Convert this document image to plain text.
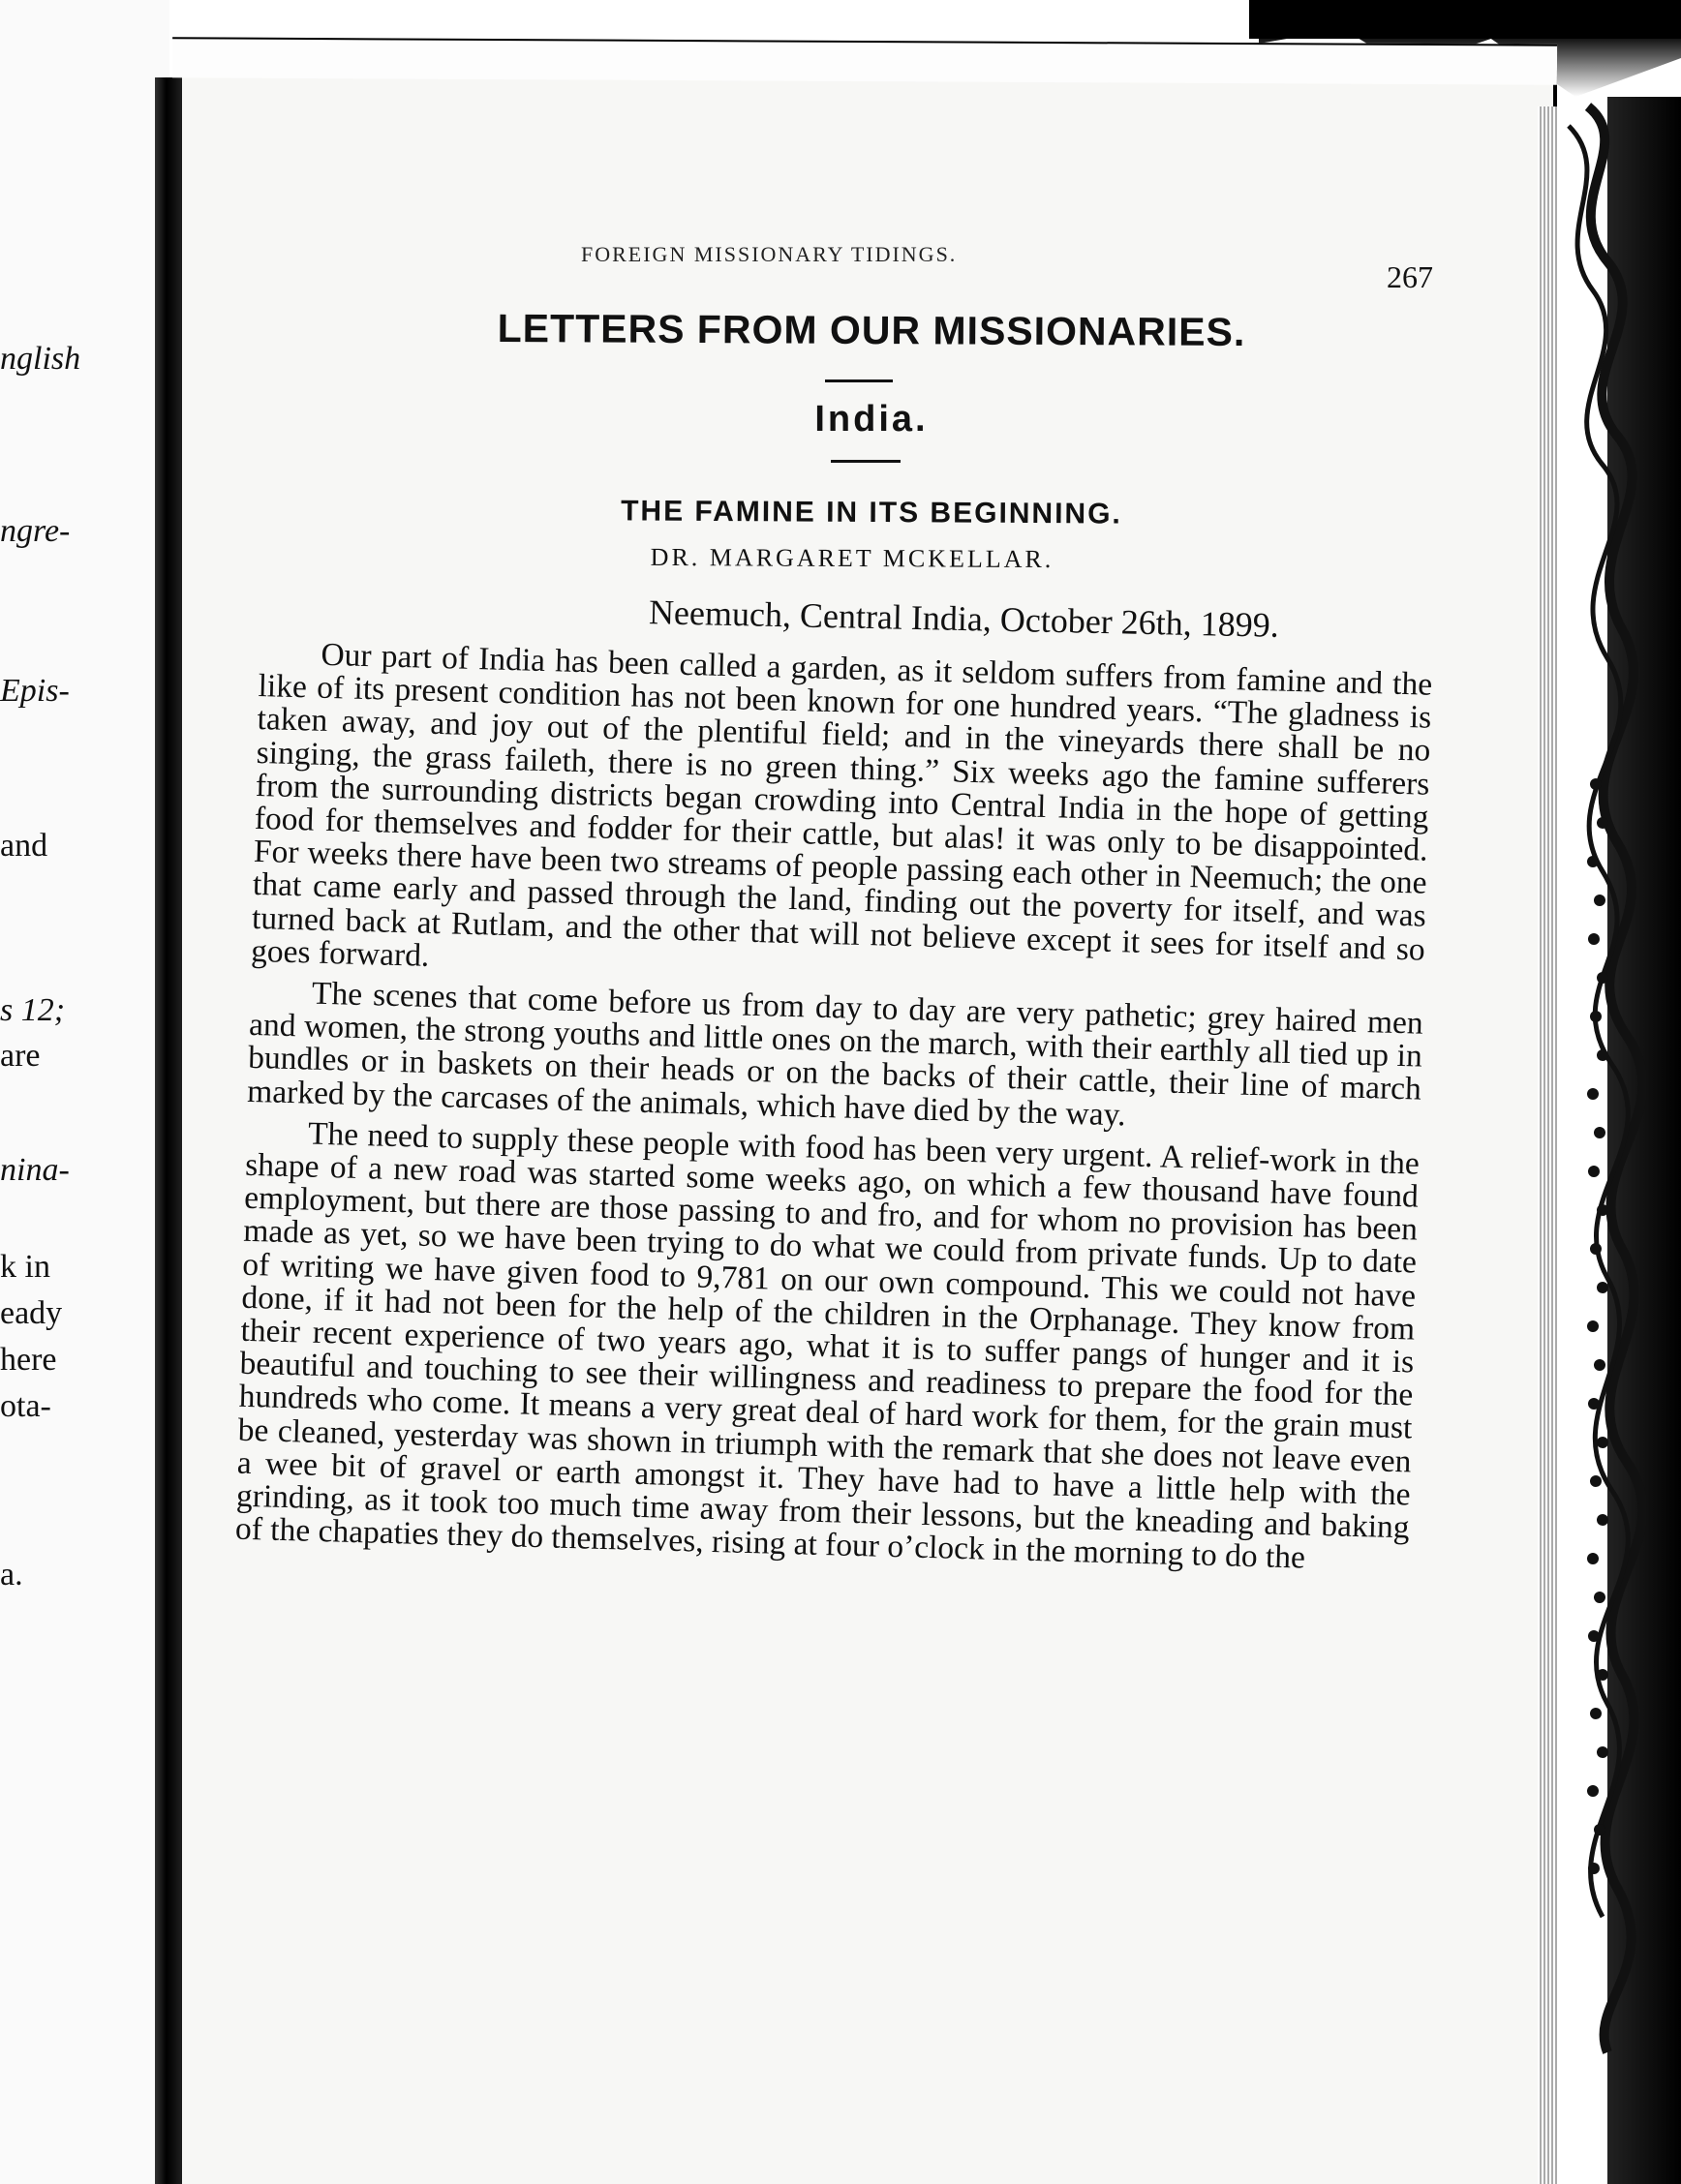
nglish
ngre-
Epis-
and
s 12;
are
nina-
k in
eady
here
ota-
a.
FOREIGN MISSIONARY TIDINGS.
267
LETTERS FROM OUR MISSIONARIES.
India.
THE FAMINE IN ITS BEGINNING.
DR. MARGARET MCKELLAR.
Neemuch, Central India, October 26th, 1899.

Our part of India has been called a garden, as it seldom suffers from famine and the like of its present condition has not been known for one hundred years. “The gladness is taken away, and joy out of the plentiful field; and in the vineyards there shall be no singing, the grass faileth, there is no green thing.” Six weeks ago the famine sufferers from the surrounding districts began crowding into Central India in the hope of getting food for themselves and fodder for their cattle, but alas! it was only to be disappointed. For weeks there have been two streams of people passing each other in Neemuch; the one that came early and passed through the land, finding out the poverty for itself, and was turned back at Rutlam, and the other that will not believe except it sees for itself and so goes forward.

The scenes that come before us from day to day are very pathetic; grey haired men and women, the strong youths and little ones on the march, with their earthly all tied up in bundles or in baskets on their heads or on the backs of their cattle, their line of march marked by the carcases of the animals, which have died by the way.

The need to supply these people with food has been very urgent. A relief-work in the shape of a new road was started some weeks ago, on which a few thousand have found employment, but there are those passing to and fro, and for whom no provision has been made as yet, so we have been trying to do what we could from private funds. Up to date of writing we have given food to 9,781 on our own compound. This we could not have done, if it had not been for the help of the children in the Orphanage. They know from their recent experience of two years ago, what it is to suffer pangs of hunger and it is beautiful and touching to see their willingness and readiness to prepare the food for the hundreds who come. It means a very great deal of hard work for them, for the grain must be cleaned, yesterday was shown in triumph with the remark that she does not leave even a wee bit of gravel or earth amongst it. They have had to have a little help with the grinding, as it took too much time away from their lessons, but the kneading and baking of the chapaties they do themselves, rising at four o’clock in the morning to do the
